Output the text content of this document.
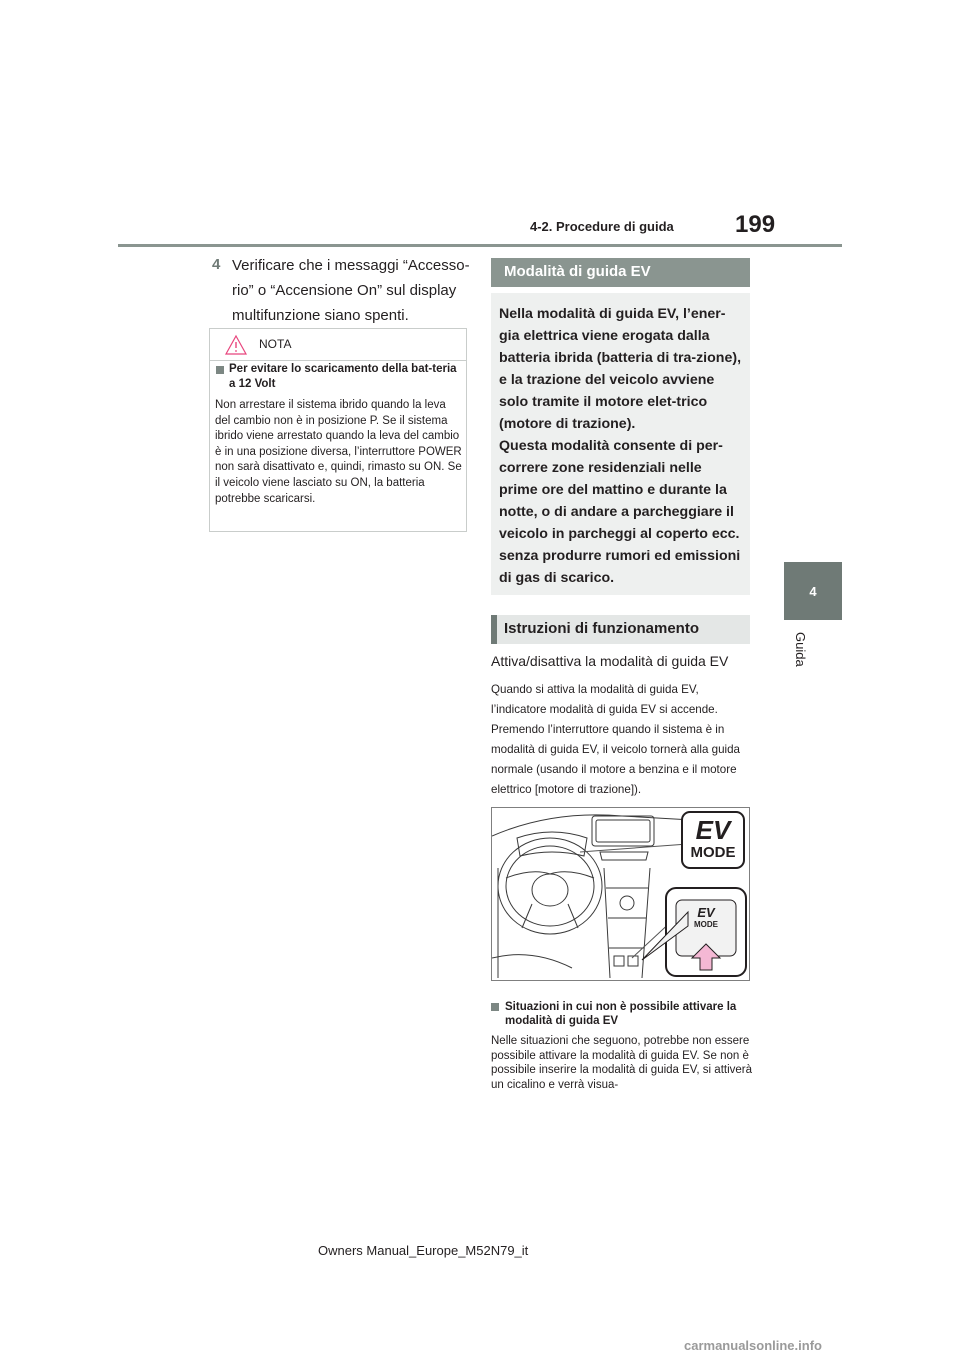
4-2. Procedure di guida	199
4
Guida
4 Verificare che i messaggi “Accesso-rio” o “Accensione On” sul display multifunzione siano spenti.
NOTA
Per evitare lo scaricamento della bat-teria a 12 Volt
Non arrestare il sistema ibrido quando la leva del cambio non è in posizione P. Se il sistema ibrido viene arrestato quando la leva del cambio è in una posizione diversa, l’interruttore POWER non sarà disattivato e, quindi, rimasto su ON. Se il veicolo viene lasciato su ON, la batteria potrebbe scaricarsi.
Modalità di guida EV

Nella modalità di guida EV, l’ener-gia elettrica viene erogata dalla batteria ibrida (batteria di tra-zione), e la trazione del veicolo avviene solo tramite il motore elet-trico (motore di trazione).

Questa modalità consente di per-correre zone residenziali nelle prime ore del mattino e durante la notte, o di andare a parcheggiare il veicolo in parcheggi al coperto ecc. senza produrre rumori ed emissioni di gas di scarico.

Istruzioni di funzionamento
Attiva/disattiva la modalità di guida EV
Quando si attiva la modalità di guida EV, l’indicatore modalità di guida EV si accende. Premendo l’interruttore quando il sistema è in modalità di guida EV, il veicolo tornerà alla guida normale (usando il motore a benzina e il motore elettrico [motore di trazione]).
EV
MODE
EV
MODE
Situazioni in cui non è possibile attivare la modalità di guida EV
Nelle situazioni che seguono, potrebbe non essere possibile attivare la modalità di guida EV. Se non è possibile inserire la modalità di guida EV, si attiverà un cicalino e verrà visua-
Owners Manual_Europe_M52N79_it
carmanualsonline.info
